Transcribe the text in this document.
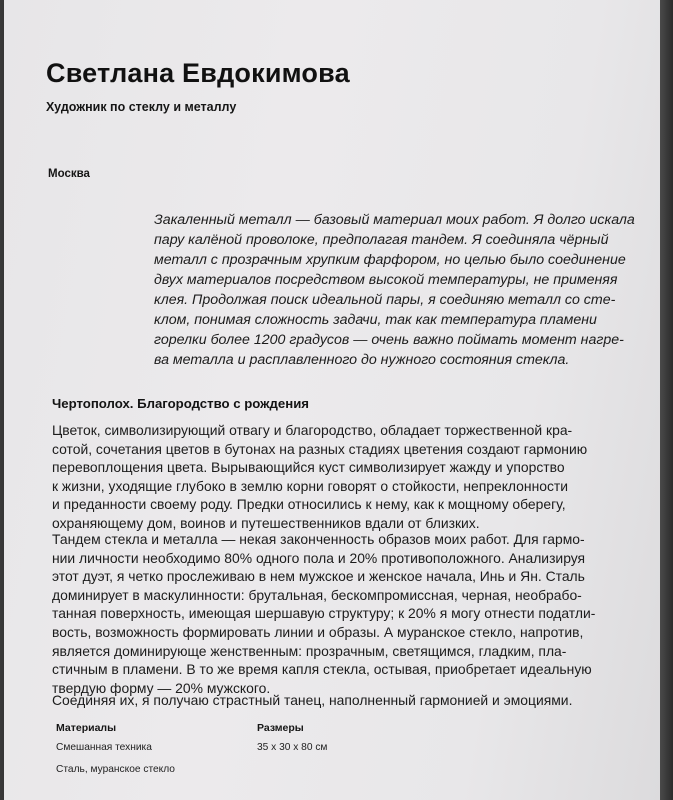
Светлана Евдокимова
Художник по стеклу и металлу
Москва
Закаленный металл — базовый материал моих работ. Я долго искала
пару калёной проволоке, предполагая тандем. Я соединяла чёрный
металл с прозрачным хрупким фарфором, но целью было соединение
двух материалов посредством высокой температуры, не применяя
клея. Продолжая поиск идеальной пары, я соединяю металл со сте-
клом, понимая сложность задачи, так как температура пламени
горелки более 1200 градусов — очень важно поймать момент нагре-
ва металла и расплавленного до нужного состояния стекла.
Чертополох. Благородство с рождения
Цветок, символизирующий отвагу и благородство, обладает торжественной кра-
сотой, сочетания цветов в бутонах на разных стадиях цветения создают гармонию
перевоплощения цвета. Вырывающийся куст символизирует жажду и упорство
к жизни, уходящие глубоко в землю корни говорят о стойкости, непреклонности
и преданности своему роду. Предки относились к нему, как к мощному оберегу,
охраняющему дом, воинов и путешественников вдали от близких.
Тандем стекла и металла — некая законченность образов моих работ. Для гармо-
нии личности необходимо 80% одного пола и 20% противоположного. Анализируя
этот дуэт, я четко прослеживаю в нем мужское и женское начала, Инь и Ян. Сталь
доминирует в маскулинности: брутальная, бескомпромиссная, черная, необрабо-
танная поверхность, имеющая шершавую структуру; к 20% я могу отнести податли-
вость, возможность формировать линии и образы. А муранское стекло, напротив,
является доминирующе женственным: прозрачным, светящимся, гладким, пла-
стичным в пламени. В то же время капля стекла, остывая, приобретает идеальную
твердую форму — 20% мужского.
Соединяя их, я получаю страстный танец, наполненный гармонией и эмоциями.
Материалы
Смешанная техника
Сталь, муранское стекло
Размеры
35 х 30 х 80 см
